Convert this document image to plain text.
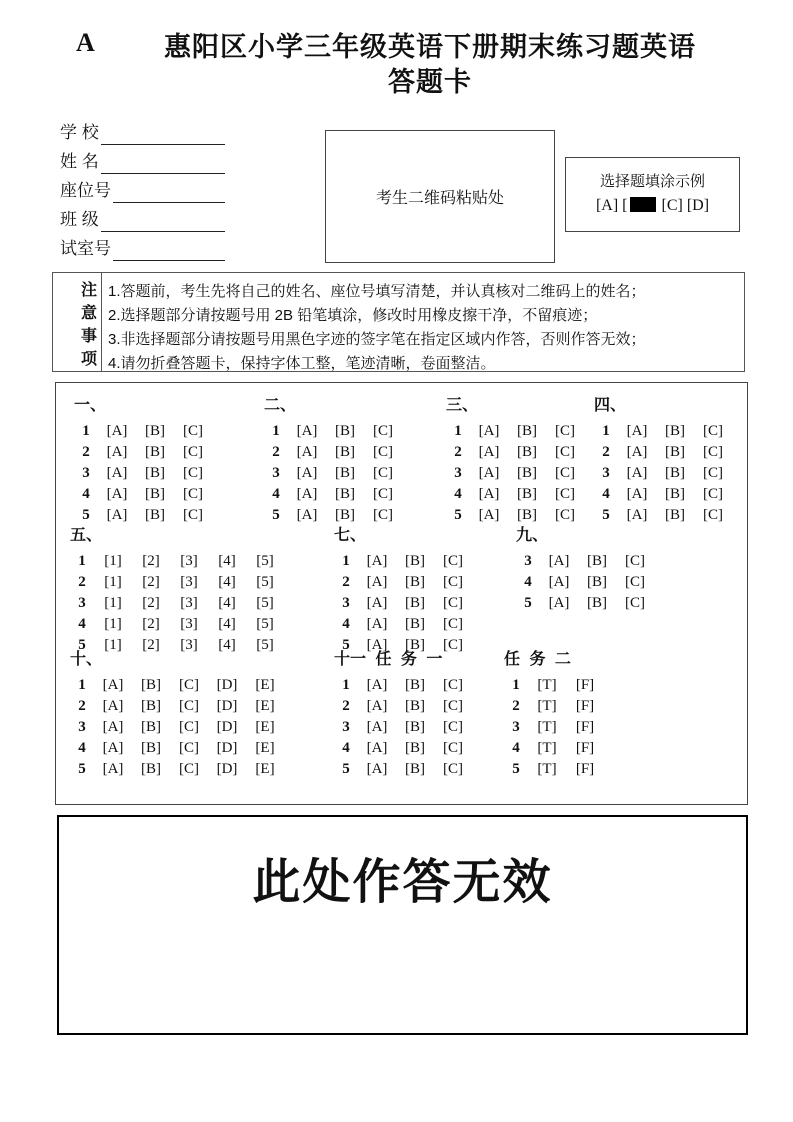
A	惠阳区小学三年级英语下册期末练习题英语
答题卡
学 校
姓 名
座位号
班 级
试室号
考生二维码粘贴处
选择题填涂示例
[A] [ [C] [D]
注
意
事
项
1.答题前，考生先将自己的姓名、座位号填写清楚，并认真核对二维码上的姓名；
2.选择题部分请按题号用 2B 铅笔填涂，修改时用橡皮擦干净，不留痕迹；
3.非选择题部分请按题号用黑色字迹的签字笔在指定区域内作答，否则作答无效；
4.请勿折叠答题卡，保持字体工整，笔迹清晰，卷面整洁。
一、
1	[A]	[B]	[C]
2	[A]	[B]	[C]
3	[A]	[B]	[C]
4	[A]	[B]	[C]
5	[A]	[B]	[C]
二、
1	[A]	[B]	[C]
2	[A]	[B]	[C]
3	[A]	[B]	[C]
4	[A]	[B]	[C]
5	[A]	[B]	[C]
三、
1	[A]	[B]	[C]
2	[A]	[B]	[C]
3	[A]	[B]	[C]
4	[A]	[B]	[C]
5	[A]	[B]	[C]
四、
1	[A]	[B]	[C]
2	[A]	[B]	[C]
3	[A]	[B]	[C]
4	[A]	[B]	[C]
5	[A]	[B]	[C]
五、
1	[1]	[2]	[3]	[4]	[5]
2	[1]	[2]	[3]	[4]	[5]
3	[1]	[2]	[3]	[4]	[5]
4	[1]	[2]	[3]	[4]	[5]
5	[1]	[2]	[3]	[4]	[5]
七、
1	[A]	[B]	[C]
2	[A]	[B]	[C]
3	[A]	[B]	[C]
4	[A]	[B]	[C]
5	[A]	[B]	[C]
九、
3	[A]	[B]	[C]
4	[A]	[B]	[C]
5	[A]	[B]	[C]
十、
1	[A]	[B]	[C]	[D]	[E]
2	[A]	[B]	[C]	[D]	[E]
3	[A]	[B]	[C]	[D]	[E]
4	[A]	[B]	[C]	[D]	[E]
5	[A]	[B]	[C]	[D]	[E]
十一 任 务 一
1	[A]	[B]	[C]
2	[A]	[B]	[C]
3	[A]	[B]	[C]
4	[A]	[B]	[C]
5	[A]	[B]	[C]
任 务 二
1	[T]	[F]
2	[T]	[F]
3	[T]	[F]
4	[T]	[F]
5	[T]	[F]
此处作答无效
